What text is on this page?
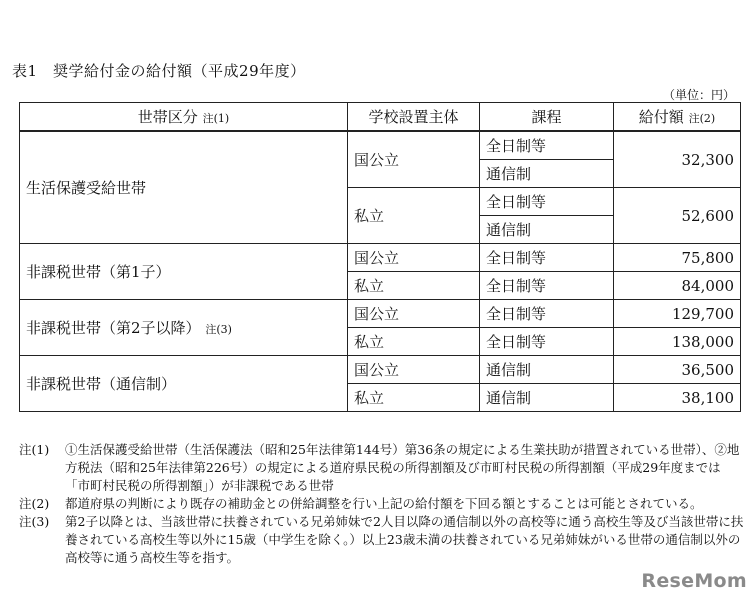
表1　奨学給付金の給付額（平成29年度）
（単位：円）
世帯区分 注(1)	学校設置主体	課程	給付額 注(2)
生活保護受給世帯	国公立	全日制等	32,300
		通信制	
	私立	全日制等	52,600
		通信制	
非課税世帯（第1子）	国公立	全日制等	75,800
	私立	全日制等	84,000
非課税世帯（第2子以降） 注(3)	国公立	全日制等	129,700
	私立	全日制等	138,000
非課税世帯（通信制）	国公立	通信制	36,500
	私立	通信制	38,100
注(1)	①生活保護受給世帯（生活保護法（昭和25年法律第144号）第36条の規定による生業扶助が措置されている世帯）、②地方税法（昭和25年法律第226号）の規定による道府県民税の所得割額及び市町村民税の所得割額（平成29年度までは「市町村民税の所得割額」）が非課税である世帯
注(2)	都道府県の判断により既存の補助金との併給調整を行い上記の給付額を下回る額とすることは可能とされている。
注(3)	第2子以降とは、当該世帯に扶養されている兄弟姉妹で2人目以降の通信制以外の高校等に通う高校生等及び当該世帯に扶養されている高校生等以外に15歳（中学生を除く。）以上23歳未満の扶養されている兄弟姉妹がいる世帯の通信制以外の高校等に通う高校生等を指す。
ReseMom
